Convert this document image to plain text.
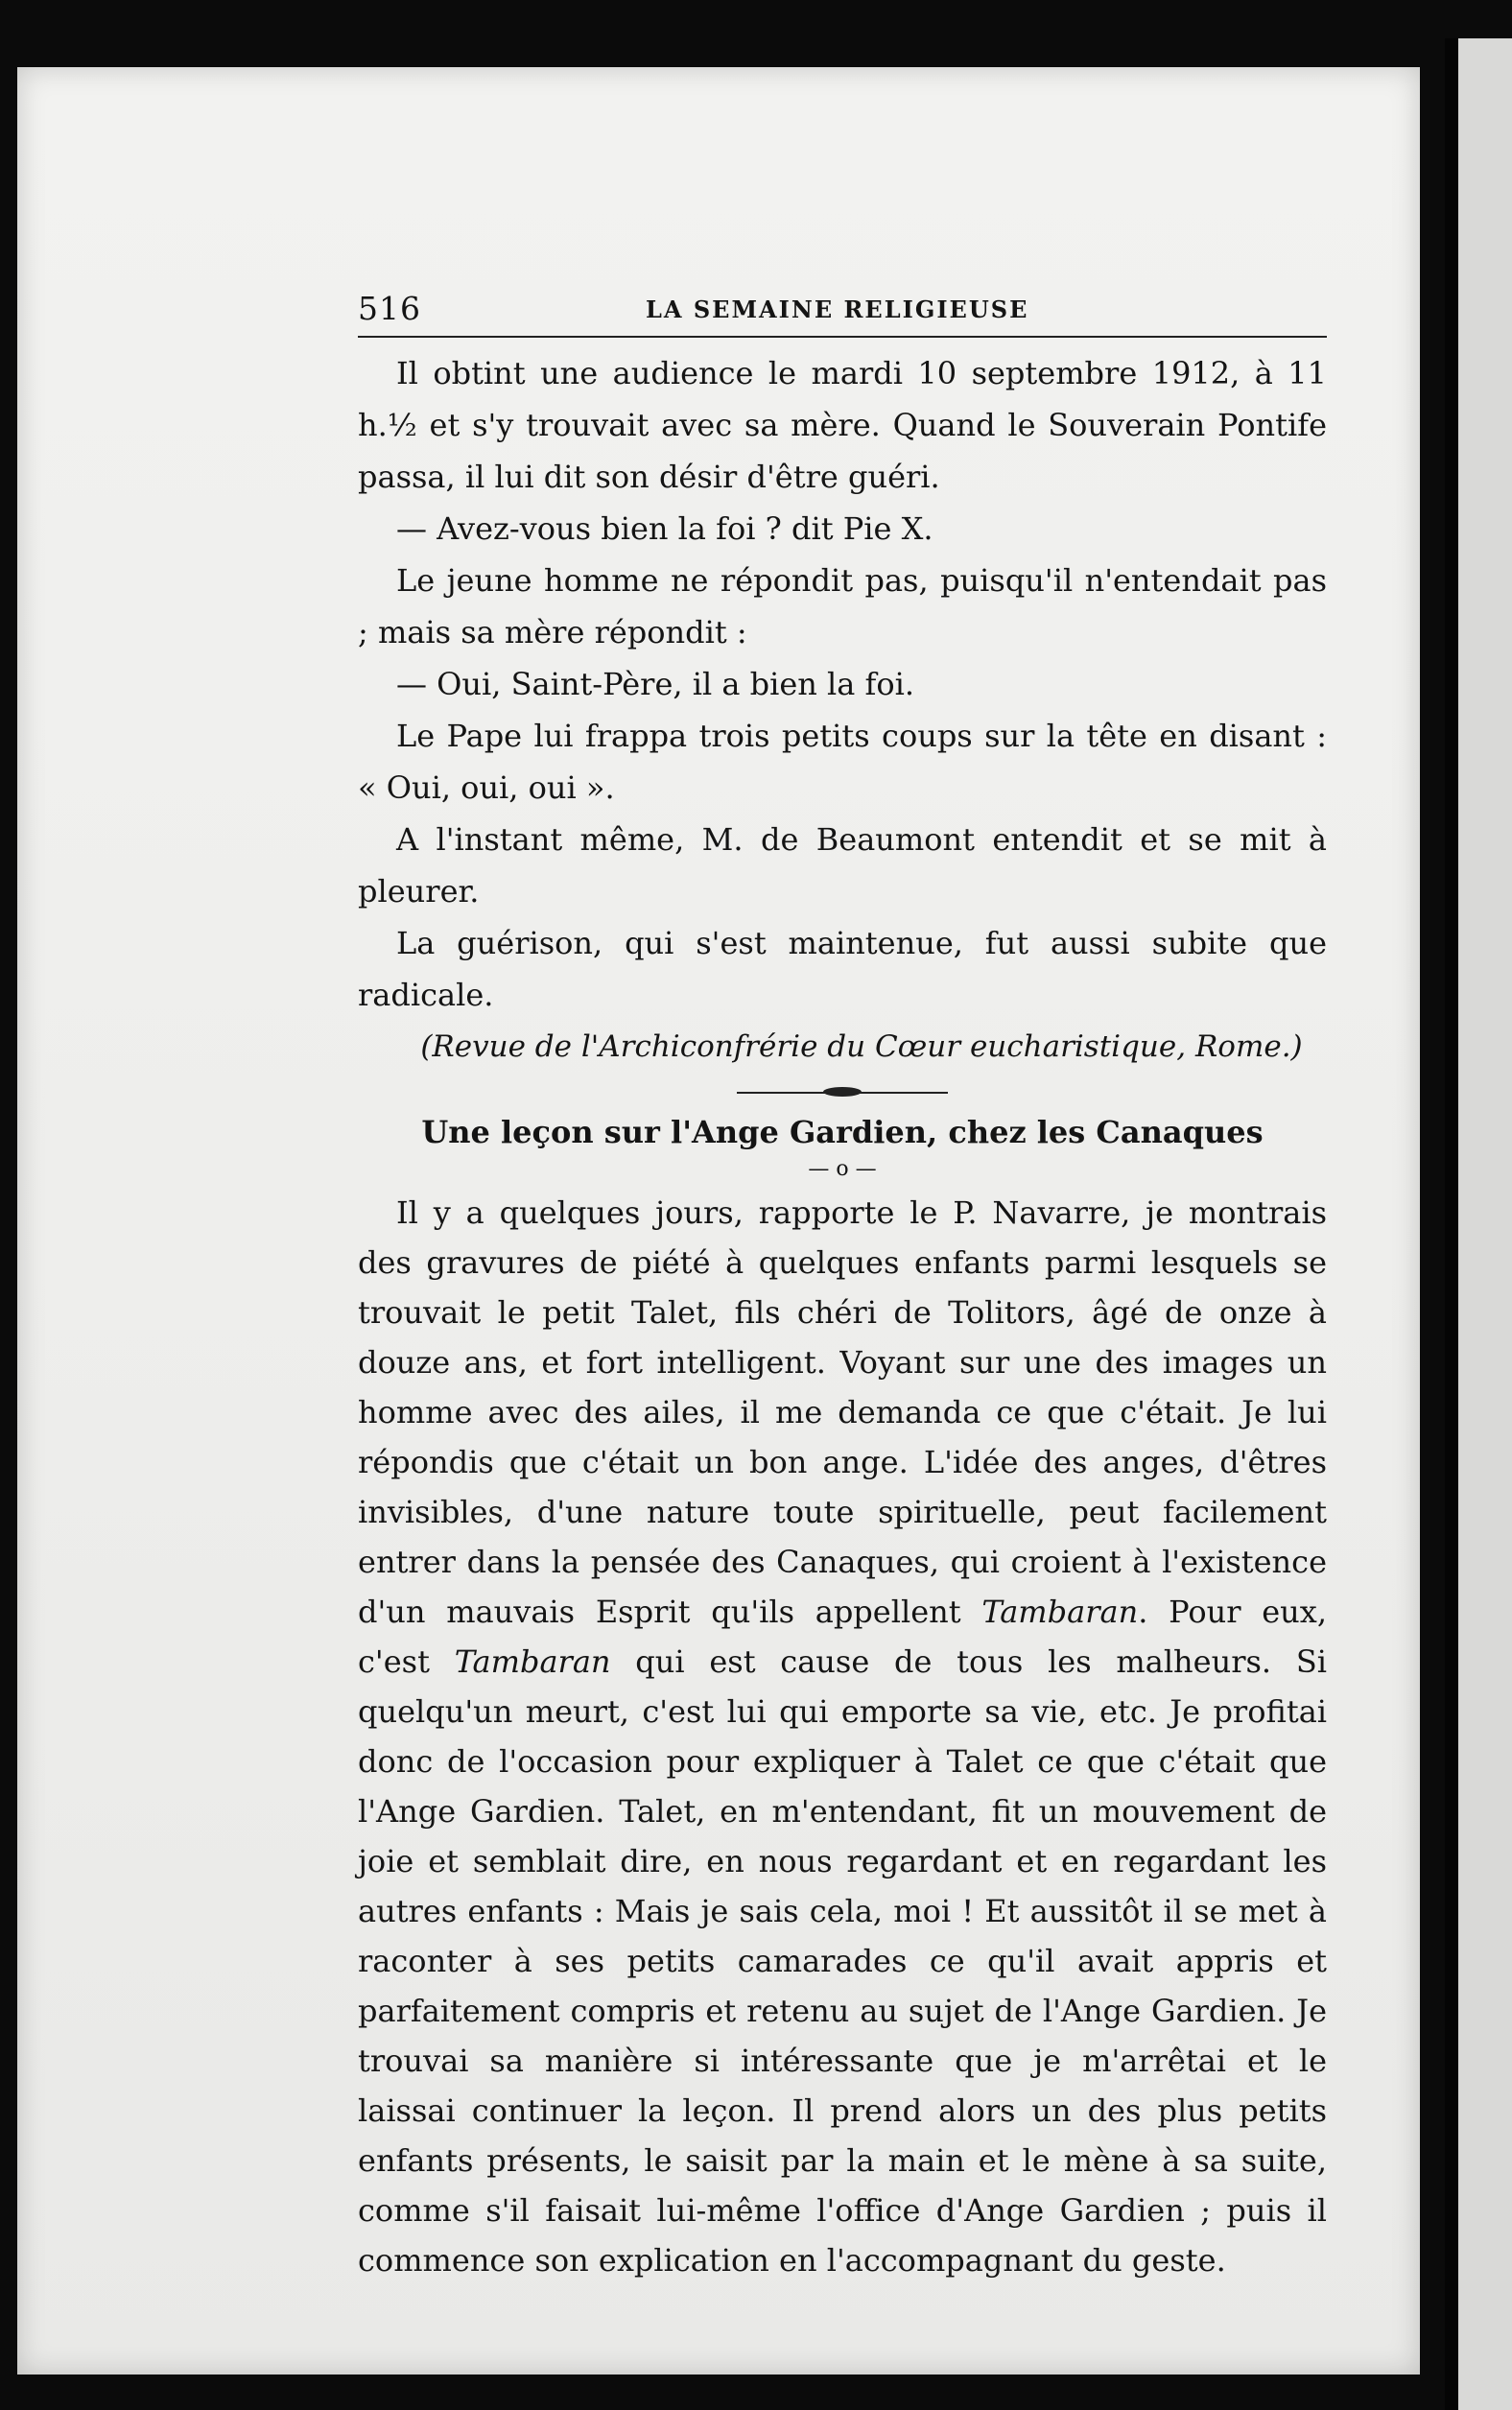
516	LA SEMAINE RELIGIEUSE

Il obtint une audience le mardi 10 septembre 1912, à 11 h.½ et s'y trouvait avec sa mère. Quand le Souverain Pontife passa, il lui dit son désir d'être guéri.

— Avez-vous bien la foi ? dit Pie X.

Le jeune homme ne répondit pas, puisqu'il n'entendait pas ; mais sa mère répondit :

— Oui, Saint-Père, il a bien la foi.

Le Pape lui frappa trois petits coups sur la tête en disant : « Oui, oui, oui ».

A l'instant même, M. de Beaumont entendit et se mit à pleurer.

La guérison, qui s'est maintenue, fut aussi subite que radicale.

(Revue de l'Archiconfrérie du Cœur eucharistique, Rome.)

Une leçon sur l'Ange Gardien, chez les Canaques
— o —

Il y a quelques jours, rapporte le P. Navarre, je montrais des gravures de piété à quelques enfants parmi lesquels se trouvait le petit Talet, fils chéri de Tolitors, âgé de onze à douze ans, et fort intelligent. Voyant sur une des images un homme avec des ailes, il me demanda ce que c'était. Je lui répondis que c'était un bon ange. L'idée des anges, d'êtres invisibles, d'une nature toute spirituelle, peut facilement entrer dans la pensée des Canaques, qui croient à l'existence d'un mauvais Esprit qu'ils appellent Tambaran. Pour eux, c'est Tambaran qui est cause de tous les malheurs. Si quelqu'un meurt, c'est lui qui emporte sa vie, etc. Je profitai donc de l'occasion pour expliquer à Talet ce que c'était que l'Ange Gardien. Talet, en m'entendant, fit un mouvement de joie et semblait dire, en nous regardant et en regardant les autres enfants : Mais je sais cela, moi ! Et aussitôt il se met à raconter à ses petits camarades ce qu'il avait appris et parfaitement compris et retenu au sujet de l'Ange Gardien. Je trouvai sa manière si intéressante que je m'arrêtai et le laissai continuer la leçon. Il prend alors un des plus petits enfants présents, le saisit par la main et le mène à sa suite, comme s'il faisait lui-même l'office d'Ange Gardien ; puis il commence son explication en l'accompagnant du geste.
